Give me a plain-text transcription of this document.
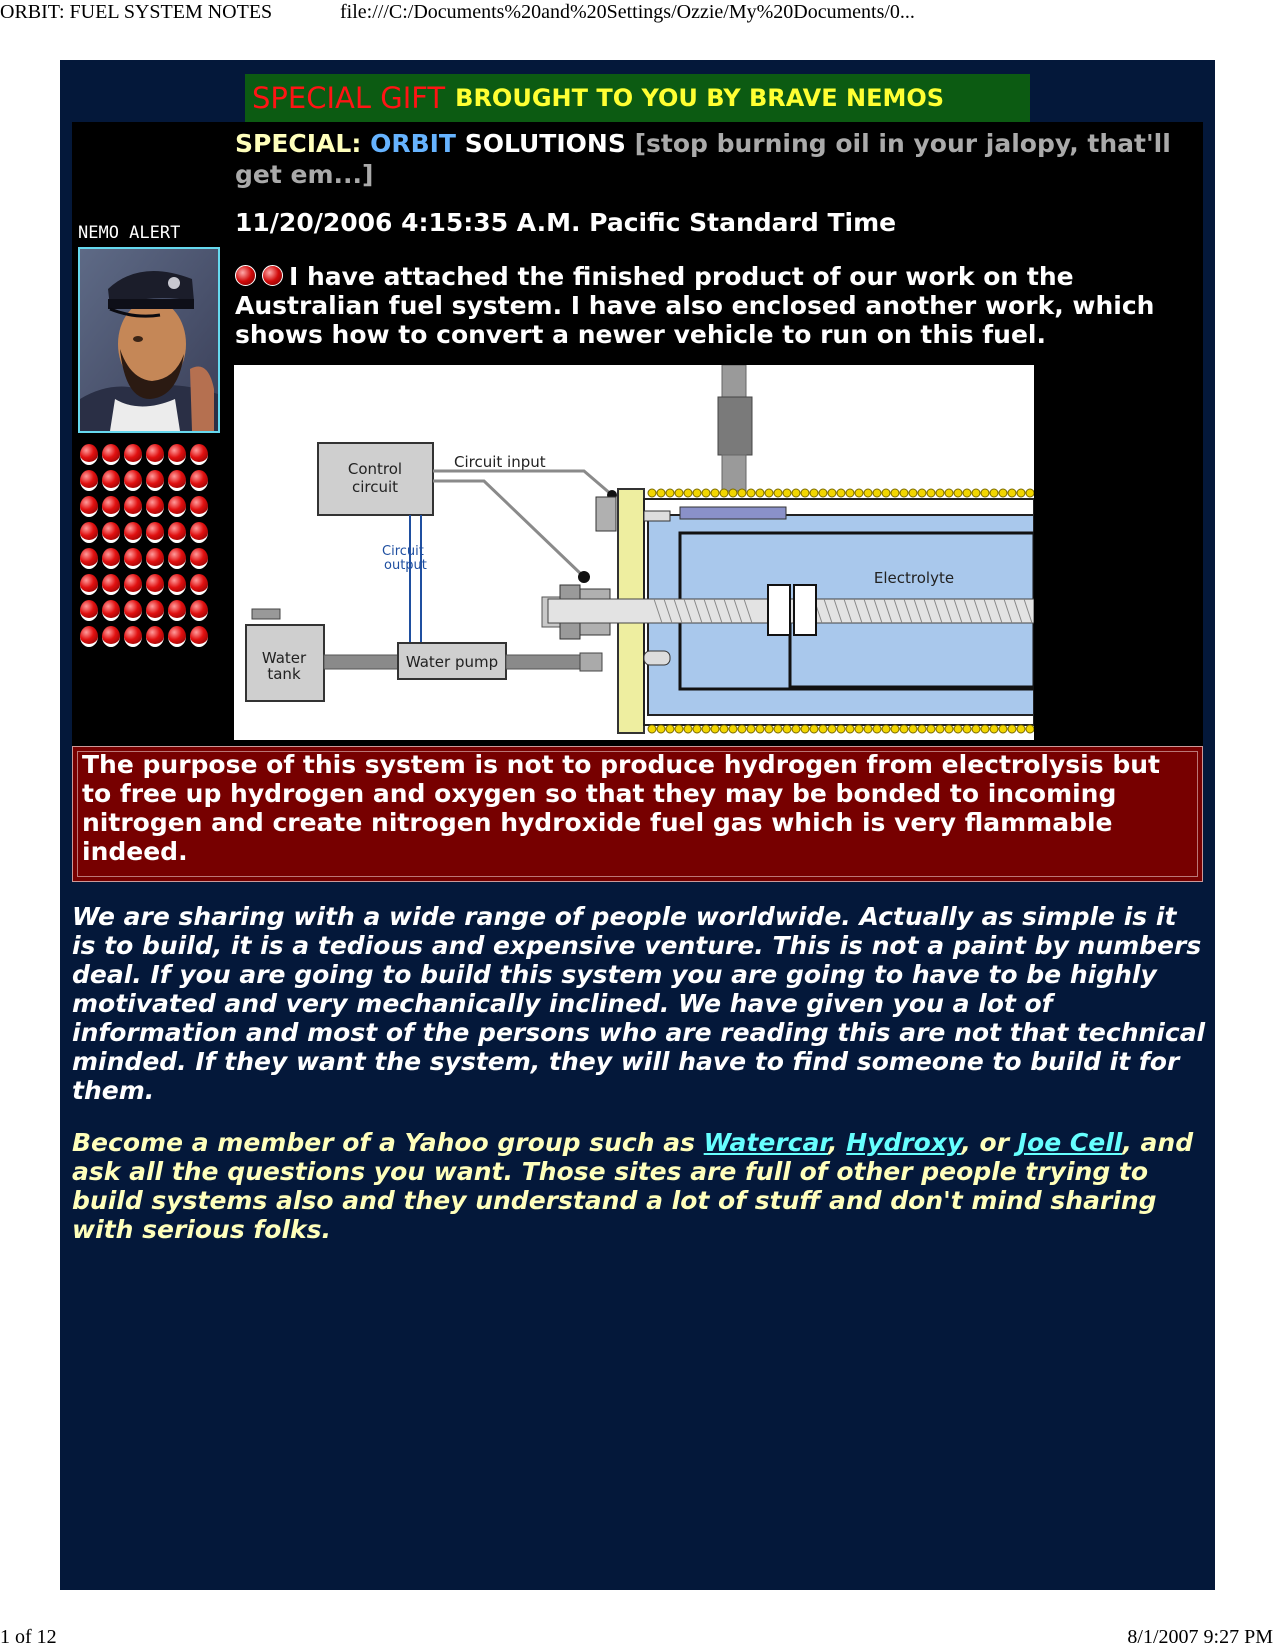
ORBIT: FUEL SYSTEM NOTES	file:///C:/Documents%20and%20Settings/Ozzie/My%20Documents/0...
SPECIAL GIFT BROUGHT TO YOU BY BRAVE NEMOS
SPECIAL: ORBIT SOLUTIONS [stop burning oil in your jalopy, that'll get em...]
NEMO ALERT 11/20/2006 4:15:35 A.M. Pacific Standard Time
I have attached the finished product of our work on the Australian fuel system. I have also enclosed another work, which shows how to convert a newer vehicle to run on this fuel.
Control
circuit
Circuit input
Circuit
output
Water
tank
Water pump
Electrolyte
The purpose of this system is not to produce hydrogen from electrolysis but to free up hydrogen and oxygen so that they may be bonded to incoming nitrogen and create nitrogen hydroxide fuel gas which is very flammable indeed.
We are sharing with a wide range of people worldwide. Actually as simple is it is to build, it is a tedious and expensive venture. This is not a paint by numbers deal. If you are going to build this system you are going to have to be highly motivated and very mechanically inclined. We have given you a lot of information and most of the persons who are reading this are not that technical minded. If they want the system, they will have to find someone to build it for them.
Become a member of a Yahoo group such as Watercar, Hydroxy, or Joe Cell, and ask all the questions you want. Those sites are full of other people trying to build systems also and they understand a lot of stuff and don't mind sharing with serious folks.
1 of 12	8/1/2007 9:27 PM
